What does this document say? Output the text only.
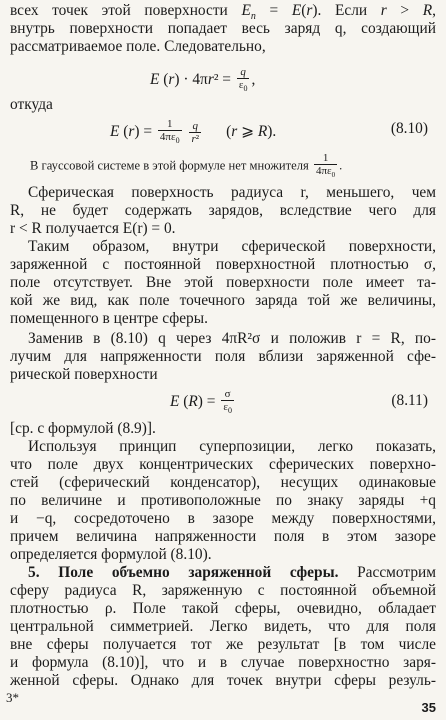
всех точек этой поверхности $E_n = E(r)$. Если r > R,

внутрь поверхности попадает весь заряд q, создающий

рассматриваемое поле. Следовательно,

E $(r) \cdot 4\pi r^2 = \frac{q}{\varepsilon_0}$ ,

откуда

E $(r) = \frac{1}{4\pi\varepsilon_0}$
$\frac{q}{\text{r²}} (r$ ⩾ R).	(8.10)
В гауссовой системе в этой формуле нет множителя $\frac{1}{4\pi\varepsilon_0}$ .

Сферическая поверхность радиуса r, меньшего, чем

R, не будет содержать зарядов, вследствие чего для

r < R получается E(r) = 0.

Таким образом, внутри сферической поверхности,

заряженной с постоянной поверхностной плотностью σ,

поле отсутствует. Вне этой поверхности поле имеет та-

кой же вид, как поле точечного заряда той же величины,

помещенного в центре сферы.

Заменив в (8.10) q через 4πR²σ и положив r = R, по-

лучим для напряженности поля вблизи заряженной сфе-

рической поверхности

E $(R) = \frac{\sigma}{\varepsilon_0}$	(8.11)

[ср. с формулой (8.9)].

Используя принцип суперпозиции, легко показать,

что поле двух концентрических сферических поверхно-

стей (сферический конденсатор), несущих одинаковые

по величине и противоположные по знаку заряды +q

и −q, сосредоточено в зазоре между поверхностями,

причем величина напряженности поля в этом зазоре

определяется формулой (8.10).

5. Поле объемно заряженной сферы. Рассмотрим

сферу радиуса R, заряженную с постоянной объемной

плотностью ρ. Поле такой сферы, очевидно, обладает

центральной симметрией. Легко видеть, что для поля

вне сферы получается тот же результат [в том числе

и формула (8.10)], что и в случае поверхностно заря-

женной сферы. Однако для точек внутри сферы резуль-

3*
35
